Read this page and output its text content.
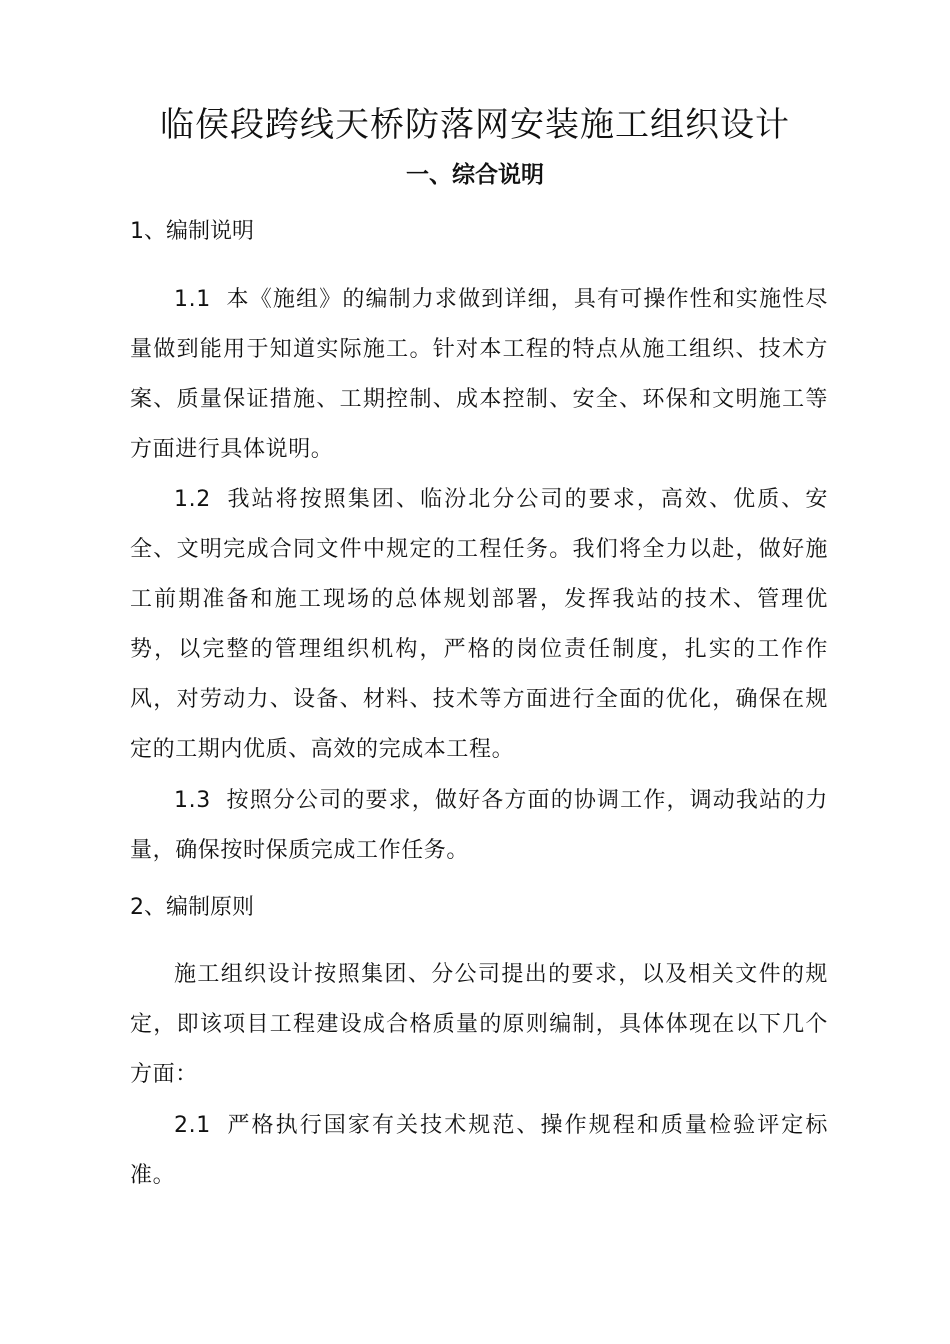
临侯段跨线天桥防落网安装施工组织设计
一、综合说明

1、编制说明

1.1 本《施组》的编制力求做到详细，具有可操作性和实施性尽量做到能用于知道实际施工。针对本工程的特点从施工组织、技术方案、质量保证措施、工期控制、成本控制、安全、环保和文明施工等方面进行具体说明。

1.2 我站将按照集团、临汾北分公司的要求，高效、优质、安全、文明完成合同文件中规定的工程任务。我们将全力以赴，做好施工前期准备和施工现场的总体规划部署，发挥我站的技术、管理优势，以完整的管理组织机构，严格的岗位责任制度，扎实的工作作风，对劳动力、设备、材料、技术等方面进行全面的优化，确保在规定的工期内优质、高效的完成本工程。

1.3 按照分公司的要求，做好各方面的协调工作，调动我站的力量，确保按时保质完成工作任务。

2、编制原则

施工组织设计按照集团、分公司提出的要求，以及相关文件的规定，即该项目工程建设成合格质量的原则编制，具体体现在以下几个方面：

2.1 严格执行国家有关技术规范、操作规程和质量检验评定标准。
